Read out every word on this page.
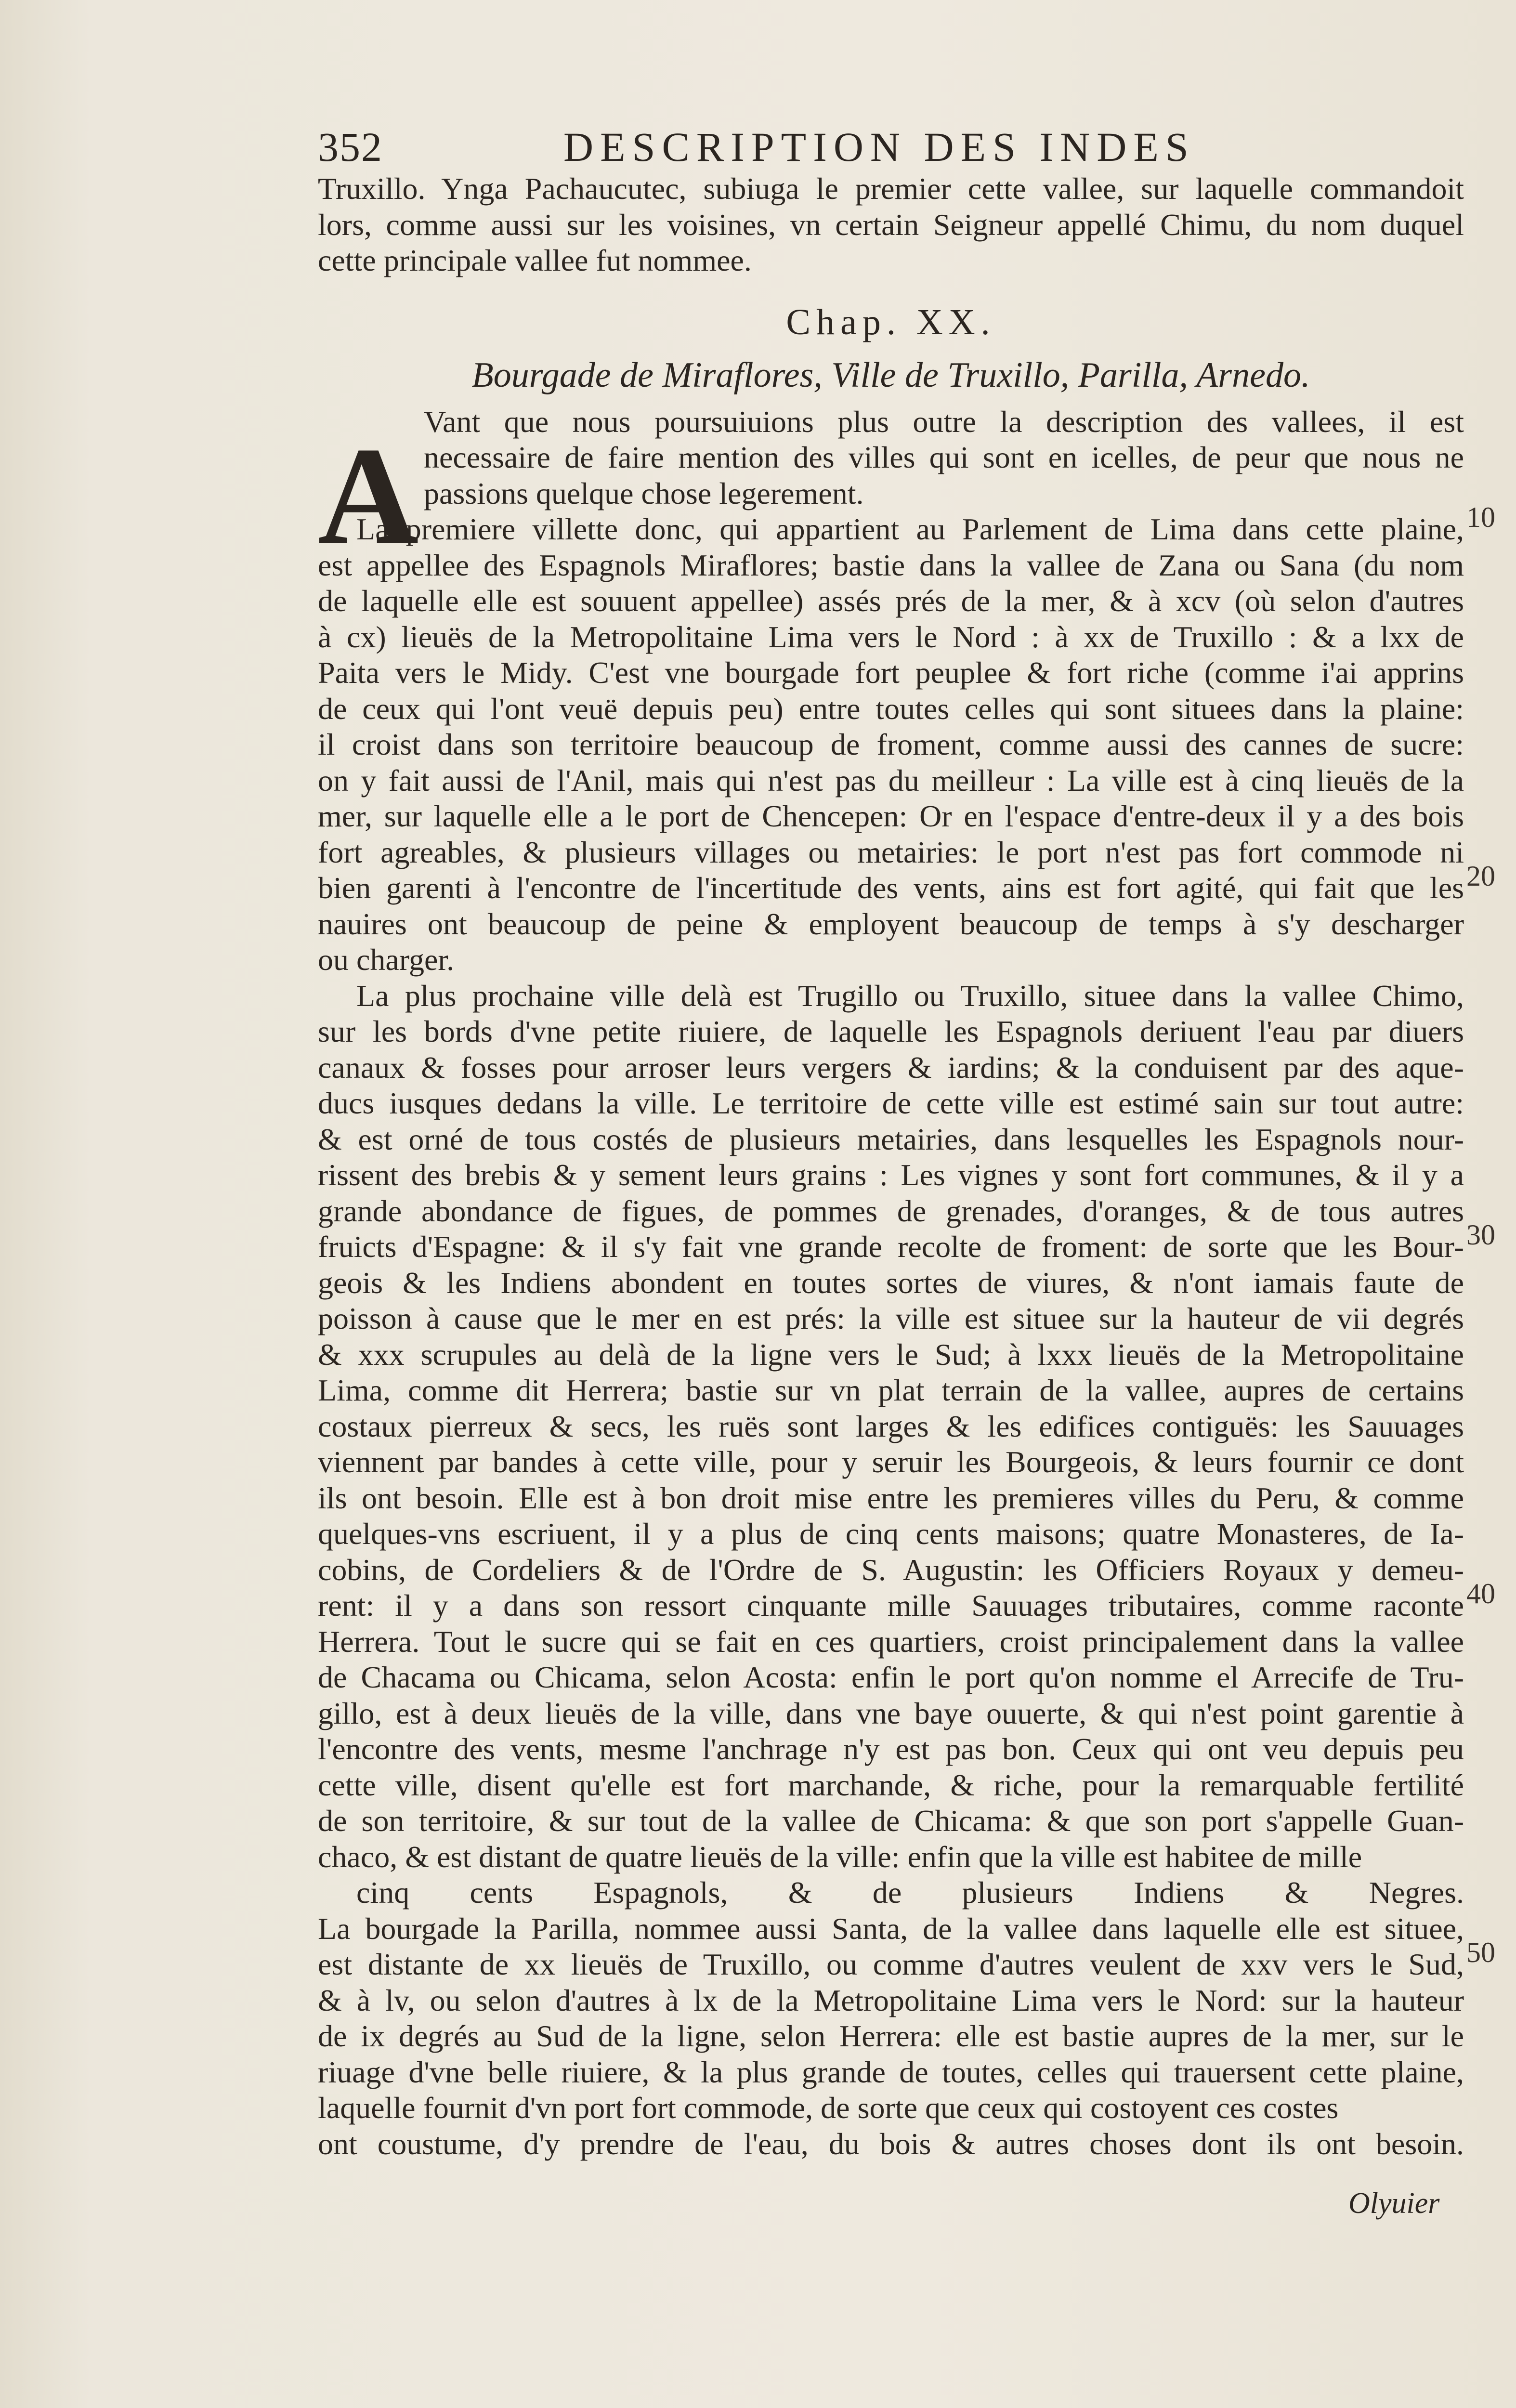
352	DESCRIPTION DES INDES
A
Truxillo. Ynga Pachaucutec, subiuga le premier cette vallee, sur laquelle commandoit
lors, comme aussi sur les voisines, vn certain Seigneur appellé Chimu, du nom duquel
cette principale vallee fut nommee.
Chap. XX.
Bourgade de Miraflores, Ville de Truxillo, Parilla, Arnedo.
Vant que nous poursuiuions plus outre la description des vallees, il est
necessaire de faire mention des villes qui sont en icelles, de peur que nous ne
passions quelque chose legerement.
La premiere villette donc, qui appartient au Parlement de Lima dans cette plaine,
est appellee des Espagnols Miraflores; bastie dans la vallee de Zana ou Sana (du nom
de laquelle elle est souuent appellee) assés prés de la mer, & à xcv (où selon d'autres
à cx) lieuës de la Metropolitaine Lima vers le Nord : à xx de Truxillo : & a lxx de
Paita vers le Midy. C'est vne bourgade fort peuplee & fort riche (comme i'ai apprins
de ceux qui l'ont veuë depuis peu) entre toutes celles qui sont situees dans la plaine:
il croist dans son territoire beaucoup de froment, comme aussi des cannes de sucre:
on y fait aussi de l'Anil, mais qui n'est pas du meilleur : La ville est à cinq lieuës de la
mer, sur laquelle elle a le port de Chencepen: Or en l'espace d'entre-deux il y a des bois
fort agreables, & plusieurs villages ou metairies: le port n'est pas fort commode ni
bien garenti à l'encontre de l'incertitude des vents, ains est fort agité, qui fait que les
nauires ont beaucoup de peine & employent beaucoup de temps à s'y descharger
ou charger.
La plus prochaine ville delà est Trugillo ou Truxillo, situee dans la vallee Chimo,
sur les bords d'vne petite riuiere, de laquelle les Espagnols deriuent l'eau par diuers
canaux & fosses pour arroser leurs vergers & iardins; & la conduisent par des aque-
ducs iusques dedans la ville. Le territoire de cette ville est estimé sain sur tout autre:
& est orné de tous costés de plusieurs metairies, dans lesquelles les Espagnols nour-
rissent des brebis & y sement leurs grains : Les vignes y sont fort communes, & il y a
grande abondance de figues, de pommes de grenades, d'oranges, & de tous autres
fruicts d'Espagne: & il s'y fait vne grande recolte de froment: de sorte que les Bour-
geois & les Indiens abondent en toutes sortes de viures, & n'ont iamais faute de
poisson à cause que le mer en est prés: la ville est situee sur la hauteur de vii degrés
& xxx scrupules au delà de la ligne vers le Sud; à lxxx lieuës de la Metropolitaine
Lima, comme dit Herrera; bastie sur vn plat terrain de la vallee, aupres de certains
costaux pierreux & secs, les ruës sont larges & les edifices contiguës: les Sauuages
viennent par bandes à cette ville, pour y seruir les Bourgeois, & leurs fournir ce dont
ils ont besoin. Elle est à bon droit mise entre les premieres villes du Peru, & comme
quelques-vns escriuent, il y a plus de cinq cents maisons; quatre Monasteres, de Ia-
cobins, de Cordeliers & de l'Ordre de S. Augustin: les Officiers Royaux y demeu-
rent: il y a dans son ressort cinquante mille Sauuages tributaires, comme raconte
Herrera. Tout le sucre qui se fait en ces quartiers, croist principalement dans la vallee
de Chacama ou Chicama, selon Acosta: enfin le port qu'on nomme el Arrecife de Tru-
gillo, est à deux lieuës de la ville, dans vne baye ouuerte, & qui n'est point garentie à
l'encontre des vents, mesme l'anchrage n'y est pas bon. Ceux qui ont veu depuis peu
cette ville, disent qu'elle est fort marchande, & riche, pour la remarquable fertilité
de son territoire, & sur tout de la vallee de Chicama: & que son port s'appelle Guan-
chaco, & est distant de quatre lieuës de la ville: enfin que la ville est habitee de mille
cinq cents Espagnols, & de plusieurs Indiens & Negres.
La bourgade la Parilla, nommee aussi Santa, de la vallee dans laquelle elle est situee,
est distante de xx lieuës de Truxillo, ou comme d'autres veulent de xxv vers le Sud,
& à lv, ou selon d'autres à lx de la Metropolitaine Lima vers le Nord: sur la hauteur
de ix degrés au Sud de la ligne, selon Herrera: elle est bastie aupres de la mer, sur le
riuage d'vne belle riuiere, & la plus grande de toutes, celles qui trauersent cette plaine,
laquelle fournit d'vn port fort commode, de sorte que ceux qui costoyent ces costes
ont coustume, d'y prendre de l'eau, du bois & autres choses dont ils ont besoin.
10
20
30
40
50
Olyuier
